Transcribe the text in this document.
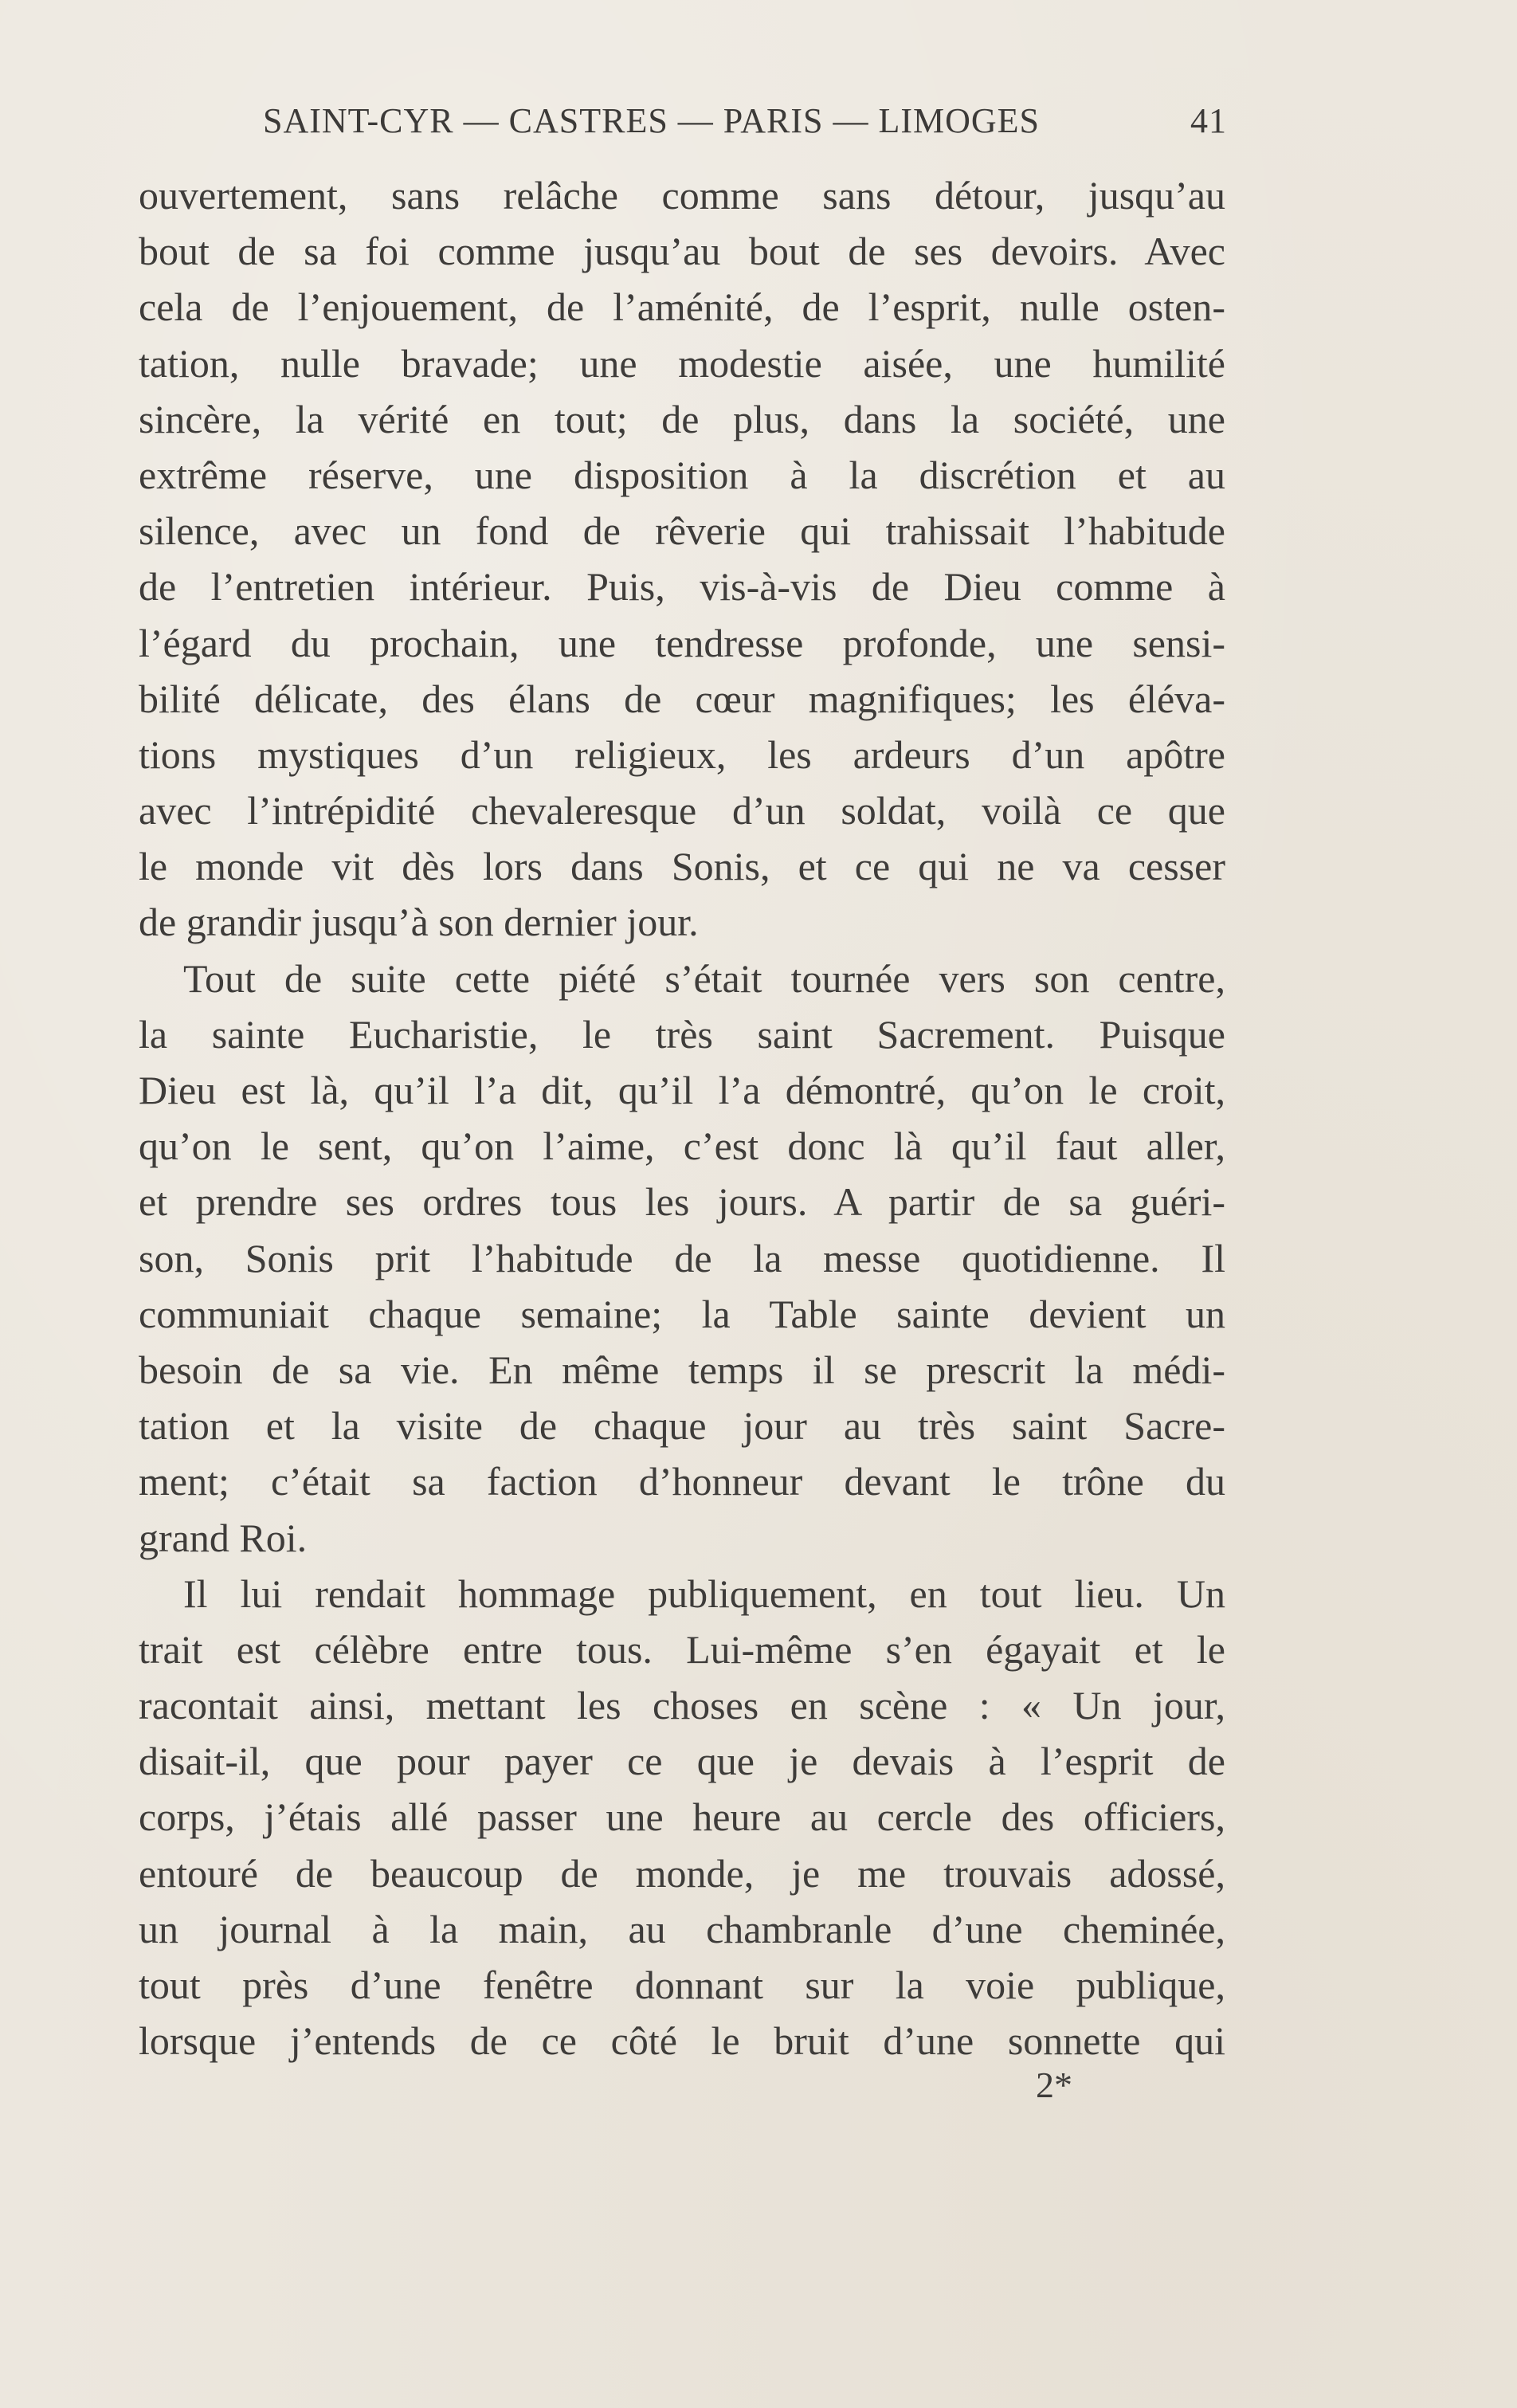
SAINT-CYR — CASTRES — PARIS — LIMOGES	41
ouvertement, sans relâche comme sans détour, jusqu’au
bout de sa foi comme jusqu’au bout de ses devoirs. Avec
cela de l’enjouement, de l’aménité, de l’esprit, nulle osten-
tation, nulle bravade; une modestie aisée, une humilité
sincère, la vérité en tout; de plus, dans la société, une
extrême réserve, une disposition à la discrétion et au
silence, avec un fond de rêverie qui trahissait l’habitude
de l’entretien intérieur. Puis, vis-à-vis de Dieu comme à
l’égard du prochain, une tendresse profonde, une sensi-
bilité délicate, des élans de cœur magnifiques; les éléva-
tions mystiques d’un religieux, les ardeurs d’un apôtre
avec l’intrépidité chevaleresque d’un soldat, voilà ce que
le monde vit dès lors dans Sonis, et ce qui ne va cesser
de grandir jusqu’à son dernier jour.
Tout de suite cette piété s’était tournée vers son centre,
la sainte Eucharistie, le très saint Sacrement. Puisque
Dieu est là, qu’il l’a dit, qu’il l’a démontré, qu’on le croit,
qu’on le sent, qu’on l’aime, c’est donc là qu’il faut aller,
et prendre ses ordres tous les jours. A partir de sa guéri-
son, Sonis prit l’habitude de la messe quotidienne. Il
communiait chaque semaine; la Table sainte devient un
besoin de sa vie. En même temps il se prescrit la médi-
tation et la visite de chaque jour au très saint Sacre-
ment; c’était sa faction d’honneur devant le trône du
grand Roi.
Il lui rendait hommage publiquement, en tout lieu. Un
trait est célèbre entre tous. Lui-même s’en égayait et le
racontait ainsi, mettant les choses en scène : « Un jour,
disait-il, que pour payer ce que je devais à l’esprit de
corps, j’étais allé passer une heure au cercle des officiers,
entouré de beaucoup de monde, je me trouvais adossé,
un journal à la main, au chambranle d’une cheminée,
tout près d’une fenêtre donnant sur la voie publique,
lorsque j’entends de ce côté le bruit d’une sonnette qui
2*
